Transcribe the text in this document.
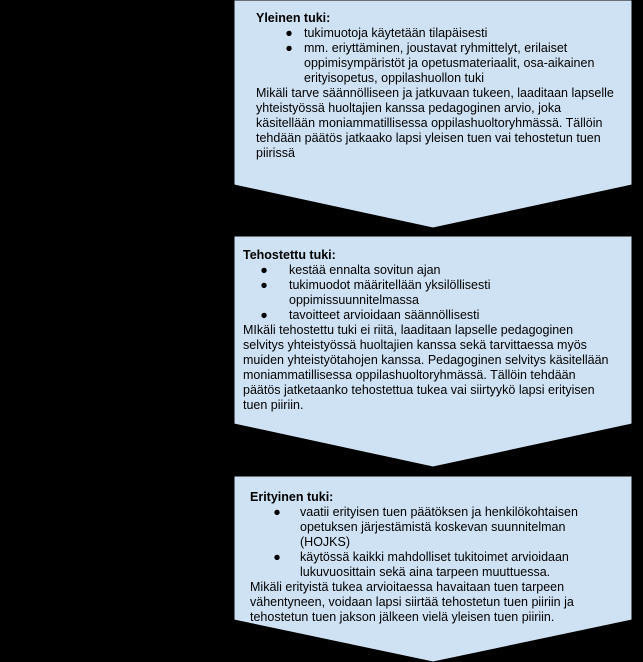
Yleinen tuki:
● tukimuotoja käytetään tilapäisesti
● mm. eriyttäminen, joustavat ryhmittelyt, erilaiset oppimisympäristöt ja opetusmateriaalit, osa-aikainen erityisopetus, oppilashuollon tuki

Mikäli tarve säännölliseen ja jatkuvaan tukeen, laaditaan lapselle yhteistyössä huoltajien kanssa pedagoginen arvio, joka käsitellään moniammatillisessa oppilashuoltoryhmässä. Tällöin tehdään päätös jatkaako lapsi yleisen tuen vai tehostetun tuen piirissä

Tehostettu tuki:
● kestää ennalta sovitun ajan
● tukimuodot määritellään yksilöllisesti oppimissuunnitelmassa
● tavoitteet arvioidaan säännöllisesti

MIkäli tehostettu tuki ei riitä, laaditaan lapselle pedagoginen selvitys yhteistyössä huoltajien kanssa sekä tarvittaessa myös muiden yhteistyötahojen kanssa. Pedagoginen selvitys käsitellään moniammatillisessa oppilashuoltoryhmässä. Tällöin tehdään päätös jatketaanko tehostettua tukea vai siirtyykö lapsi erityisen tuen piiriin.

Erityinen tuki:
● vaatii erityisen tuen päätöksen ja henkilökohtaisen opetuksen järjestämistä koskevan suunnitelman (HOJKS)
● käytössä kaikki mahdolliset tukitoimet arvioidaan lukuvuosittain sekä aina tarpeen muuttuessa.

Mikäli erityistä tukea arvioitaessa havaitaan tuen tarpeen vähentyneen, voidaan lapsi siirtää tehostetun tuen piiriin ja tehostetun tuen jakson jälkeen vielä yleisen tuen piiriin.
